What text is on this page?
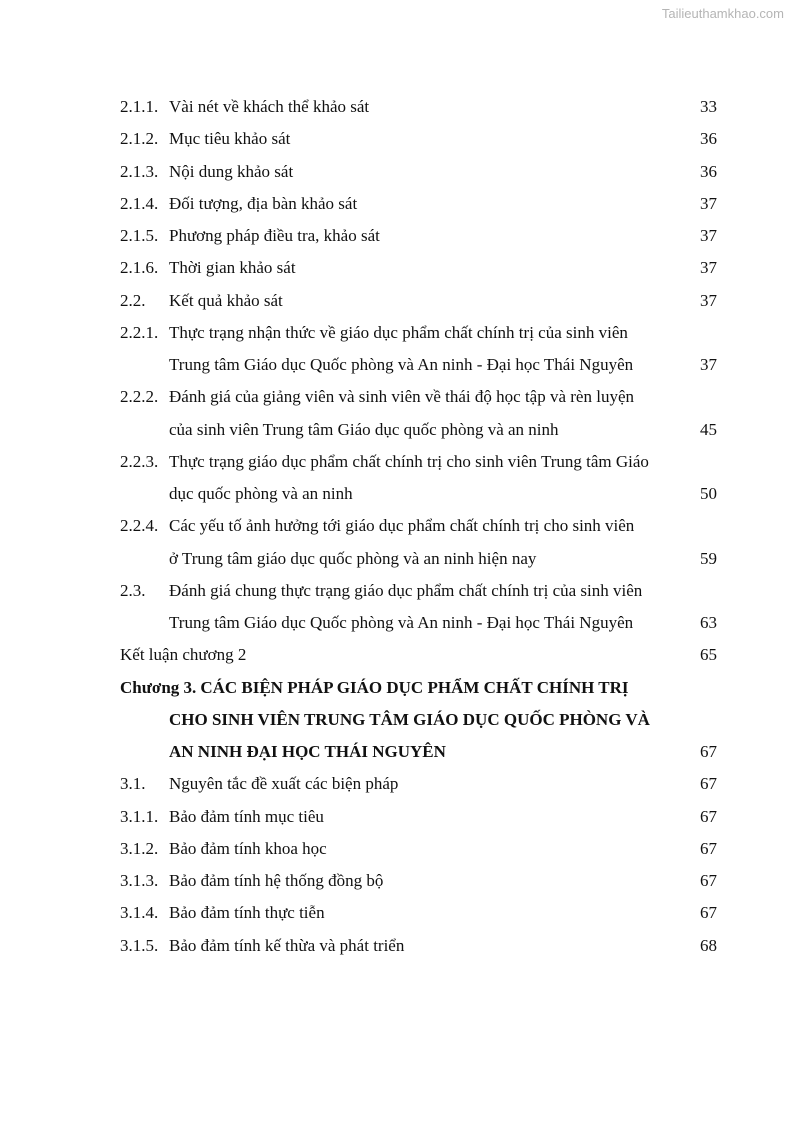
Tailieuthamkhao.com
2.1.1. Vài nét về khách thể khảo sát	33
2.1.2. Mục tiêu khảo sát	36
2.1.3. Nội dung khảo sát	36
2.1.4. Đối tượng, địa bàn khảo sát	37
2.1.5. Phương pháp điều tra, khảo sát	37
2.1.6. Thời gian khảo sát	37
2.2.	Kết quả khảo sát	37
2.2.1. Thực trạng nhận thức về giáo dục phẩm chất chính trị của sinh viên
Trung tâm Giáo dục Quốc phòng và An ninh - Đại học Thái Nguyên	37
2.2.2. Đánh giá của giảng viên và sinh viên về thái độ học tập và rèn luyện
của sinh viên Trung tâm Giáo dục quốc phòng và an ninh	45
2.2.3. Thực trạng giáo dục phẩm chất chính trị cho sinh viên Trung tâm Giáo
dục quốc phòng và an ninh	50
2.2.4. Các yếu tố ảnh hưởng tới giáo dục phẩm chất chính trị cho sinh viên
ở Trung tâm giáo dục quốc phòng và an ninh hiện nay	59
2.3.	Đánh giá chung thực trạng giáo dục phẩm chất chính trị của sinh viên
Trung tâm Giáo dục Quốc phòng và An ninh - Đại học Thái Nguyên	63
Kết luận chương 2	65
Chương 3. CÁC BIỆN PHÁP GIÁO DỤC PHẨM CHẤT CHÍNH TRỊ
CHO SINH VIÊN TRUNG TÂM GIÁO DỤC QUỐC PHÒNG VÀ
AN NINH ĐẠI HỌC THÁI NGUYÊN	67
3.1.	Nguyên tắc đề xuất các biện pháp	67
3.1.1. Bảo đảm tính mục tiêu	67
3.1.2. Bảo đảm tính khoa học	67
3.1.3. Bảo đảm tính hệ thống đồng bộ	67
3.1.4. Bảo đảm tính thực tiễn	67
3.1.5. Bảo đảm tính kế thừa và phát triển	68
